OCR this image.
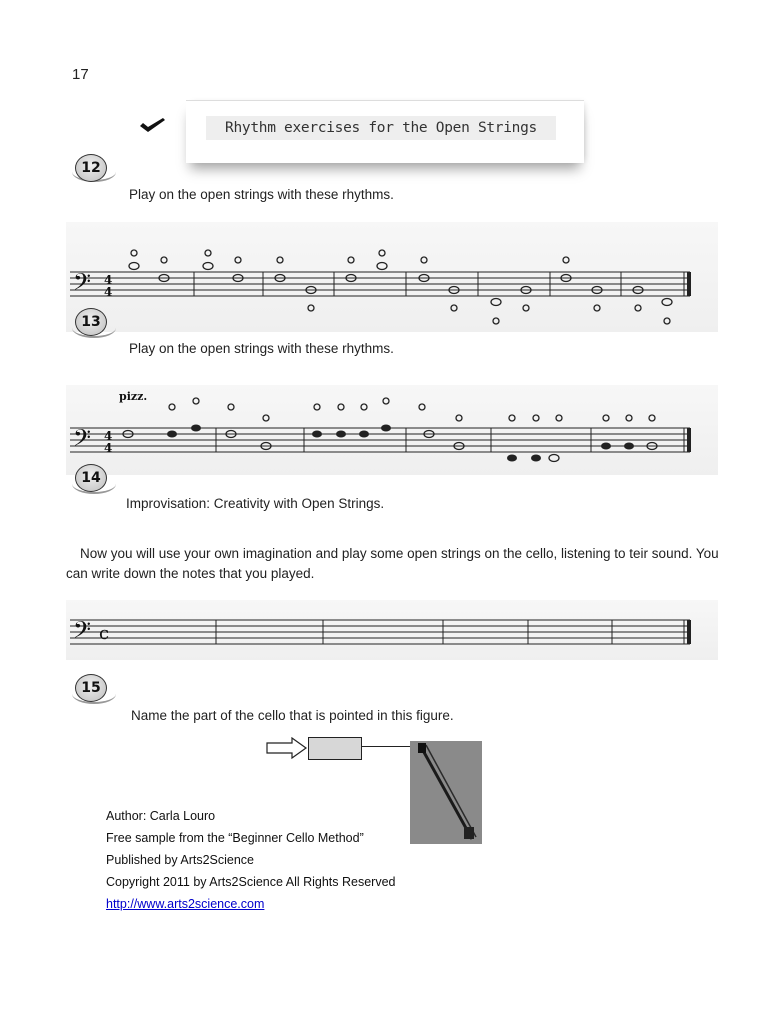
17
Rhythm exercises for the Open Strings
12
Play on the open strings with these rhythms.
𝄢 4
4
13
Play on the open strings with these rhythms.
𝄢 4
4
pizz.
14
Improvisation: Creativity with Open Strings.
Now you will use your own imagination and play some open strings on the cello, listening to teir sound. You can write down the notes that you played.
𝄢 c
15
Name the part of the cello that is pointed in this figure.
Author: Carla Louro
Free sample from the “Beginner Cello Method”
Published by Arts2Science
Copyright 2011 by Arts2Science All Rights Reserved
http://www.arts2science.com
